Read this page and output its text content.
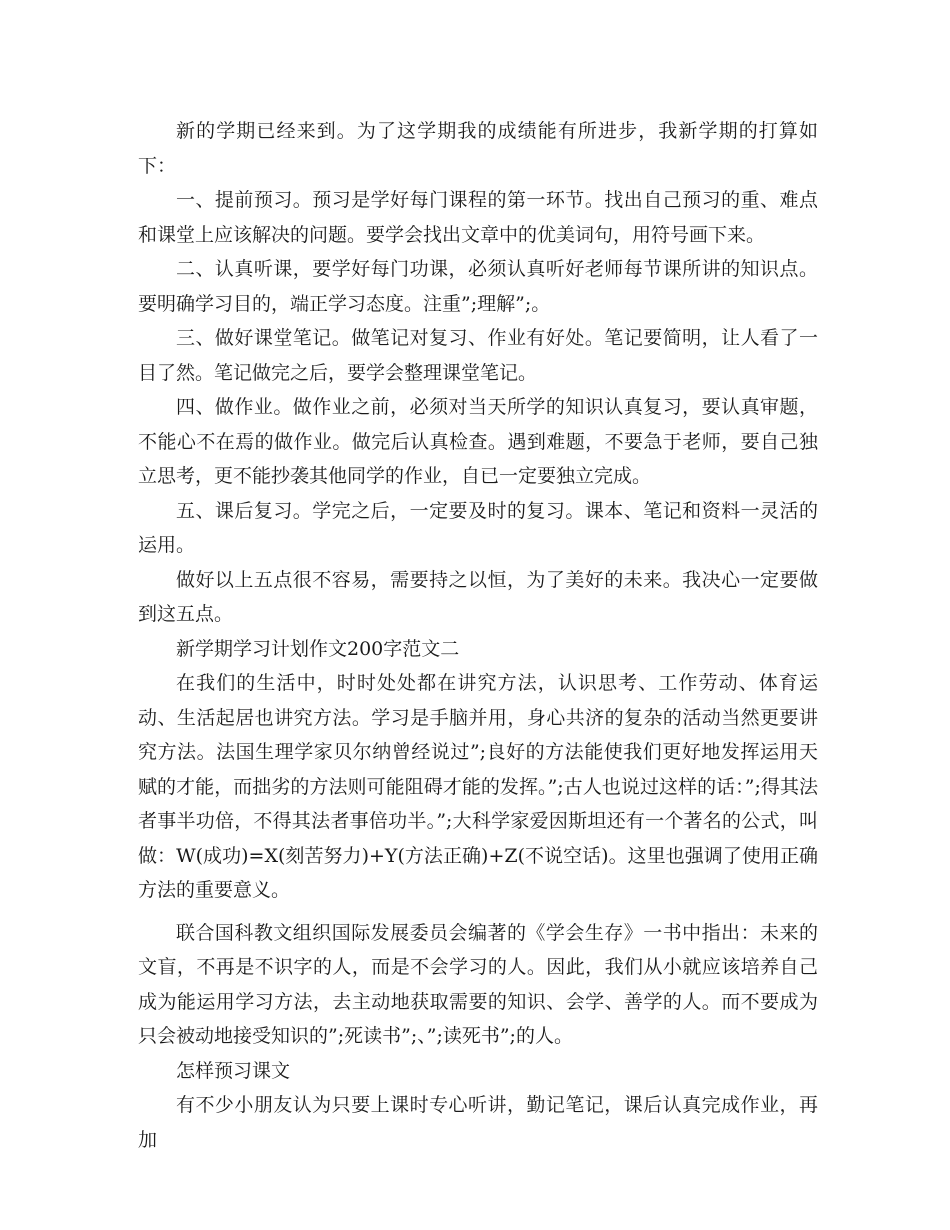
新的学期已经来到。为了这学期我的成绩能有所进步，我新学期的打算如下：

一、提前预习。预习是学好每门课程的第一环节。找出自己预习的重、难点和课堂上应该解决的问题。要学会找出文章中的优美词句，用符号画下来。

二、认真听课，要学好每门功课，必须认真听好老师每节课所讲的知识点。要明确学习目的，端正学习态度。注重”;理解”;。

三、做好课堂笔记。做笔记对复习、作业有好处。笔记要简明，让人看了一目了然。笔记做完之后，要学会整理课堂笔记。

四、做作业。做作业之前，必须对当天所学的知识认真复习，要认真审题，不能心不在焉的做作业。做完后认真检查。遇到难题，不要急于老师，要自己独立思考，更不能抄袭其他同学的作业，自已一定要独立完成。

五、课后复习。学完之后，一定要及时的复习。课本、笔记和资料一灵活的运用。

做好以上五点很不容易，需要持之以恒，为了美好的未来。我决心一定要做到这五点。

新学期学习计划作文200字范文二

在我们的生活中，时时处处都在讲究方法，认识思考、工作劳动、体育运动、生活起居也讲究方法。学习是手脑并用，身心共济的复杂的活动当然更要讲究方法。法国生理学家贝尔纳曾经说过”;良好的方法能使我们更好地发挥运用天赋的才能，而拙劣的方法则可能阻碍才能的发挥。”;古人也说过这样的话：”;得其法者事半功倍，不得其法者事倍功半。”;大科学家爱因斯坦还有一个著名的公式，叫做：W(成功)=X(刻苦努力)+Y(方法正确)+Z(不说空话)。这里也强调了使用正确方法的重要意义。

联合国科教文组织国际发展委员会编著的《学会生存》一书中指出：未来的文盲，不再是不识字的人，而是不会学习的人。因此，我们从小就应该培养自己成为能运用学习方法，去主动地获取需要的知识、会学、善学的人。而不要成为只会被动地接受知识的”;死读书”;、”;读死书”;的人。

怎样预习课文

有不少小朋友认为只要上课时专心听讲，勤记笔记，课后认真完成作业，再加
